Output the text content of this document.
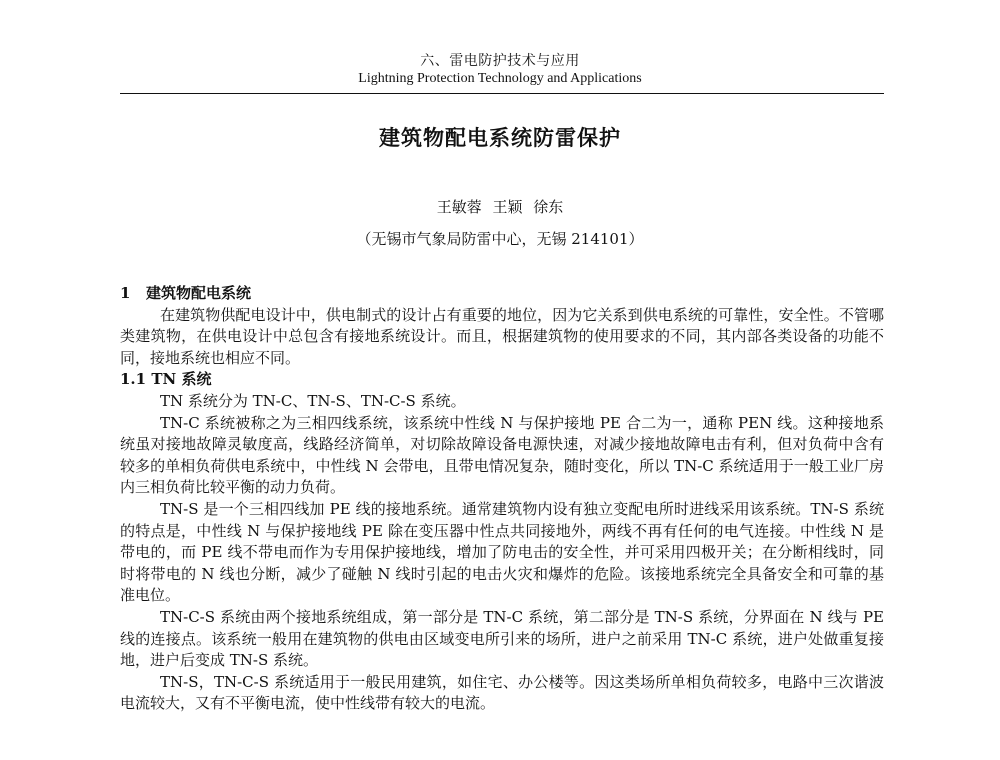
六、雷电防护技术与应用
Lightning Protection Technology and Applications
建筑物配电系统防雷保护
王敏蓉 王颖 徐东
（无锡市气象局防雷中心，无锡 214101）
1 建筑物配电系统

在建筑物供配电设计中，供电制式的设计占有重要的地位，因为它关系到供电系统的可靠性，安全性。不管哪类建筑物，在供电设计中总包含有接地系统设计。而且，根据建筑物的使用要求的不同，其内部各类设备的功能不同，接地系统也相应不同。

1.1 TN 系统

TN 系统分为 TN-C、TN-S、TN-C-S 系统。

TN-C 系统被称之为三相四线系统，该系统中性线 N 与保护接地 PE 合二为一，通称 PEN 线。这种接地系统虽对接地故障灵敏度高，线路经济简单，对切除故障设备电源快速，对减少接地故障电击有利，但对负荷中含有较多的单相负荷供电系统中，中性线 N 会带电，且带电情况复杂，随时变化，所以 TN-C 系统适用于一般工业厂房内三相负荷比较平衡的动力负荷。

TN-S 是一个三相四线加 PE 线的接地系统。通常建筑物内设有独立变配电所时进线采用该系统。TN-S 系统的特点是，中性线 N 与保护接地线 PE 除在变压器中性点共同接地外，两线不再有任何的电气连接。中性线 N 是带电的，而 PE 线不带电而作为专用保护接地线，增加了防电击的安全性，并可采用四极开关；在分断相线时，同时将带电的 N 线也分断，减少了碰触 N 线时引起的电击火灾和爆炸的危险。该接地系统完全具备安全和可靠的基准电位。

TN-C-S 系统由两个接地系统组成，第一部分是 TN-C 系统，第二部分是 TN-S 系统，分界面在 N 线与 PE 线的连接点。该系统一般用在建筑物的供电由区域变电所引来的场所，进户之前采用 TN-C 系统，进户处做重复接地，进户后变成 TN-S 系统。

TN-S，TN-C-S 系统适用于一般民用建筑，如住宅、办公楼等。因这类场所单相负荷较多，电路中三次谐波电流较大，又有不平衡电流，使中性线带有较大的电流。
